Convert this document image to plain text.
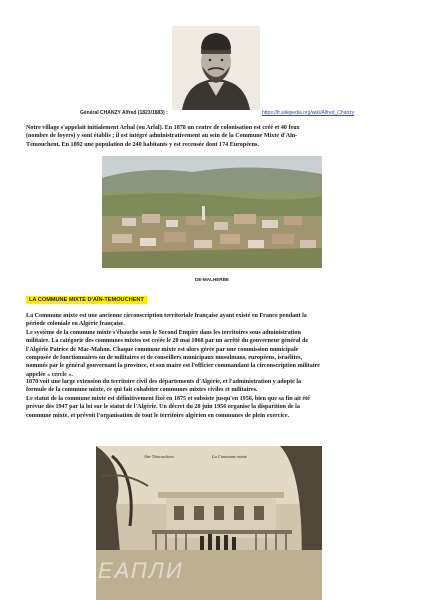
Général CHANZY Alfred (1823/1883) :	https://fr.wikipedia.org/wiki/Alfred_Chanzy

Notre village s'appelait initialement Arhal (ou Arlal). En 1878 un centre de colonisation est créé et 40 feux

(nombre de foyers) y sont établis ; il est intégré administrativement au sein de la Commune Mixte d'Aïn-

Témouchent. En 1892 une population de 240 habitants y est recensée dont 174 Européens.

DE-MALHERBE
LA COMMUNE MIXTE D'AÏN-TEMOUCHENT

La Commune mixte est une ancienne circonscription territoriale française ayant existé en France pendant la

période coloniale en Algérie française.

Le système de la commune mixte s'ébauche sous le Second Empire dans les territoires sous administration

militaire. La catégorie des communes mixtes est créée le 20 mai 1868 par un arrêté du gouverneur général de

l'Algérie Patrice de Mac-Mahon. Chaque commune mixte est alors gérée par une commission municipale

composée de fonctionnaires ou de militaires et de conseillers municipaux musulmans, européens, israélites,

nommés par le général gouvernant la province, et son maire est l'officier commandant la circonscription militaire

appelée « cercle ».

1870 voit une large extension du territoire civil des départements d'Algérie, et l'administration y adopte la

formule de la commune mixte, ce qui fait cohabiter communes mixtes civiles et militaires.

Le statut de la commune mixte est définitivement fixé en 1875 et subsiste jusqu'en 1956, bien que sa fin ait été

prévue dès 1947 par la loi sur le statut de l'Algérie. Un décret du 28 juin 1956 organise la disparition de la

commune mixte, et prévoit l'organisation de tout le territoire algérien en communes de plein exercice.

Aïn-Témouchent	La Commune mixte
ЕАПЛИ
